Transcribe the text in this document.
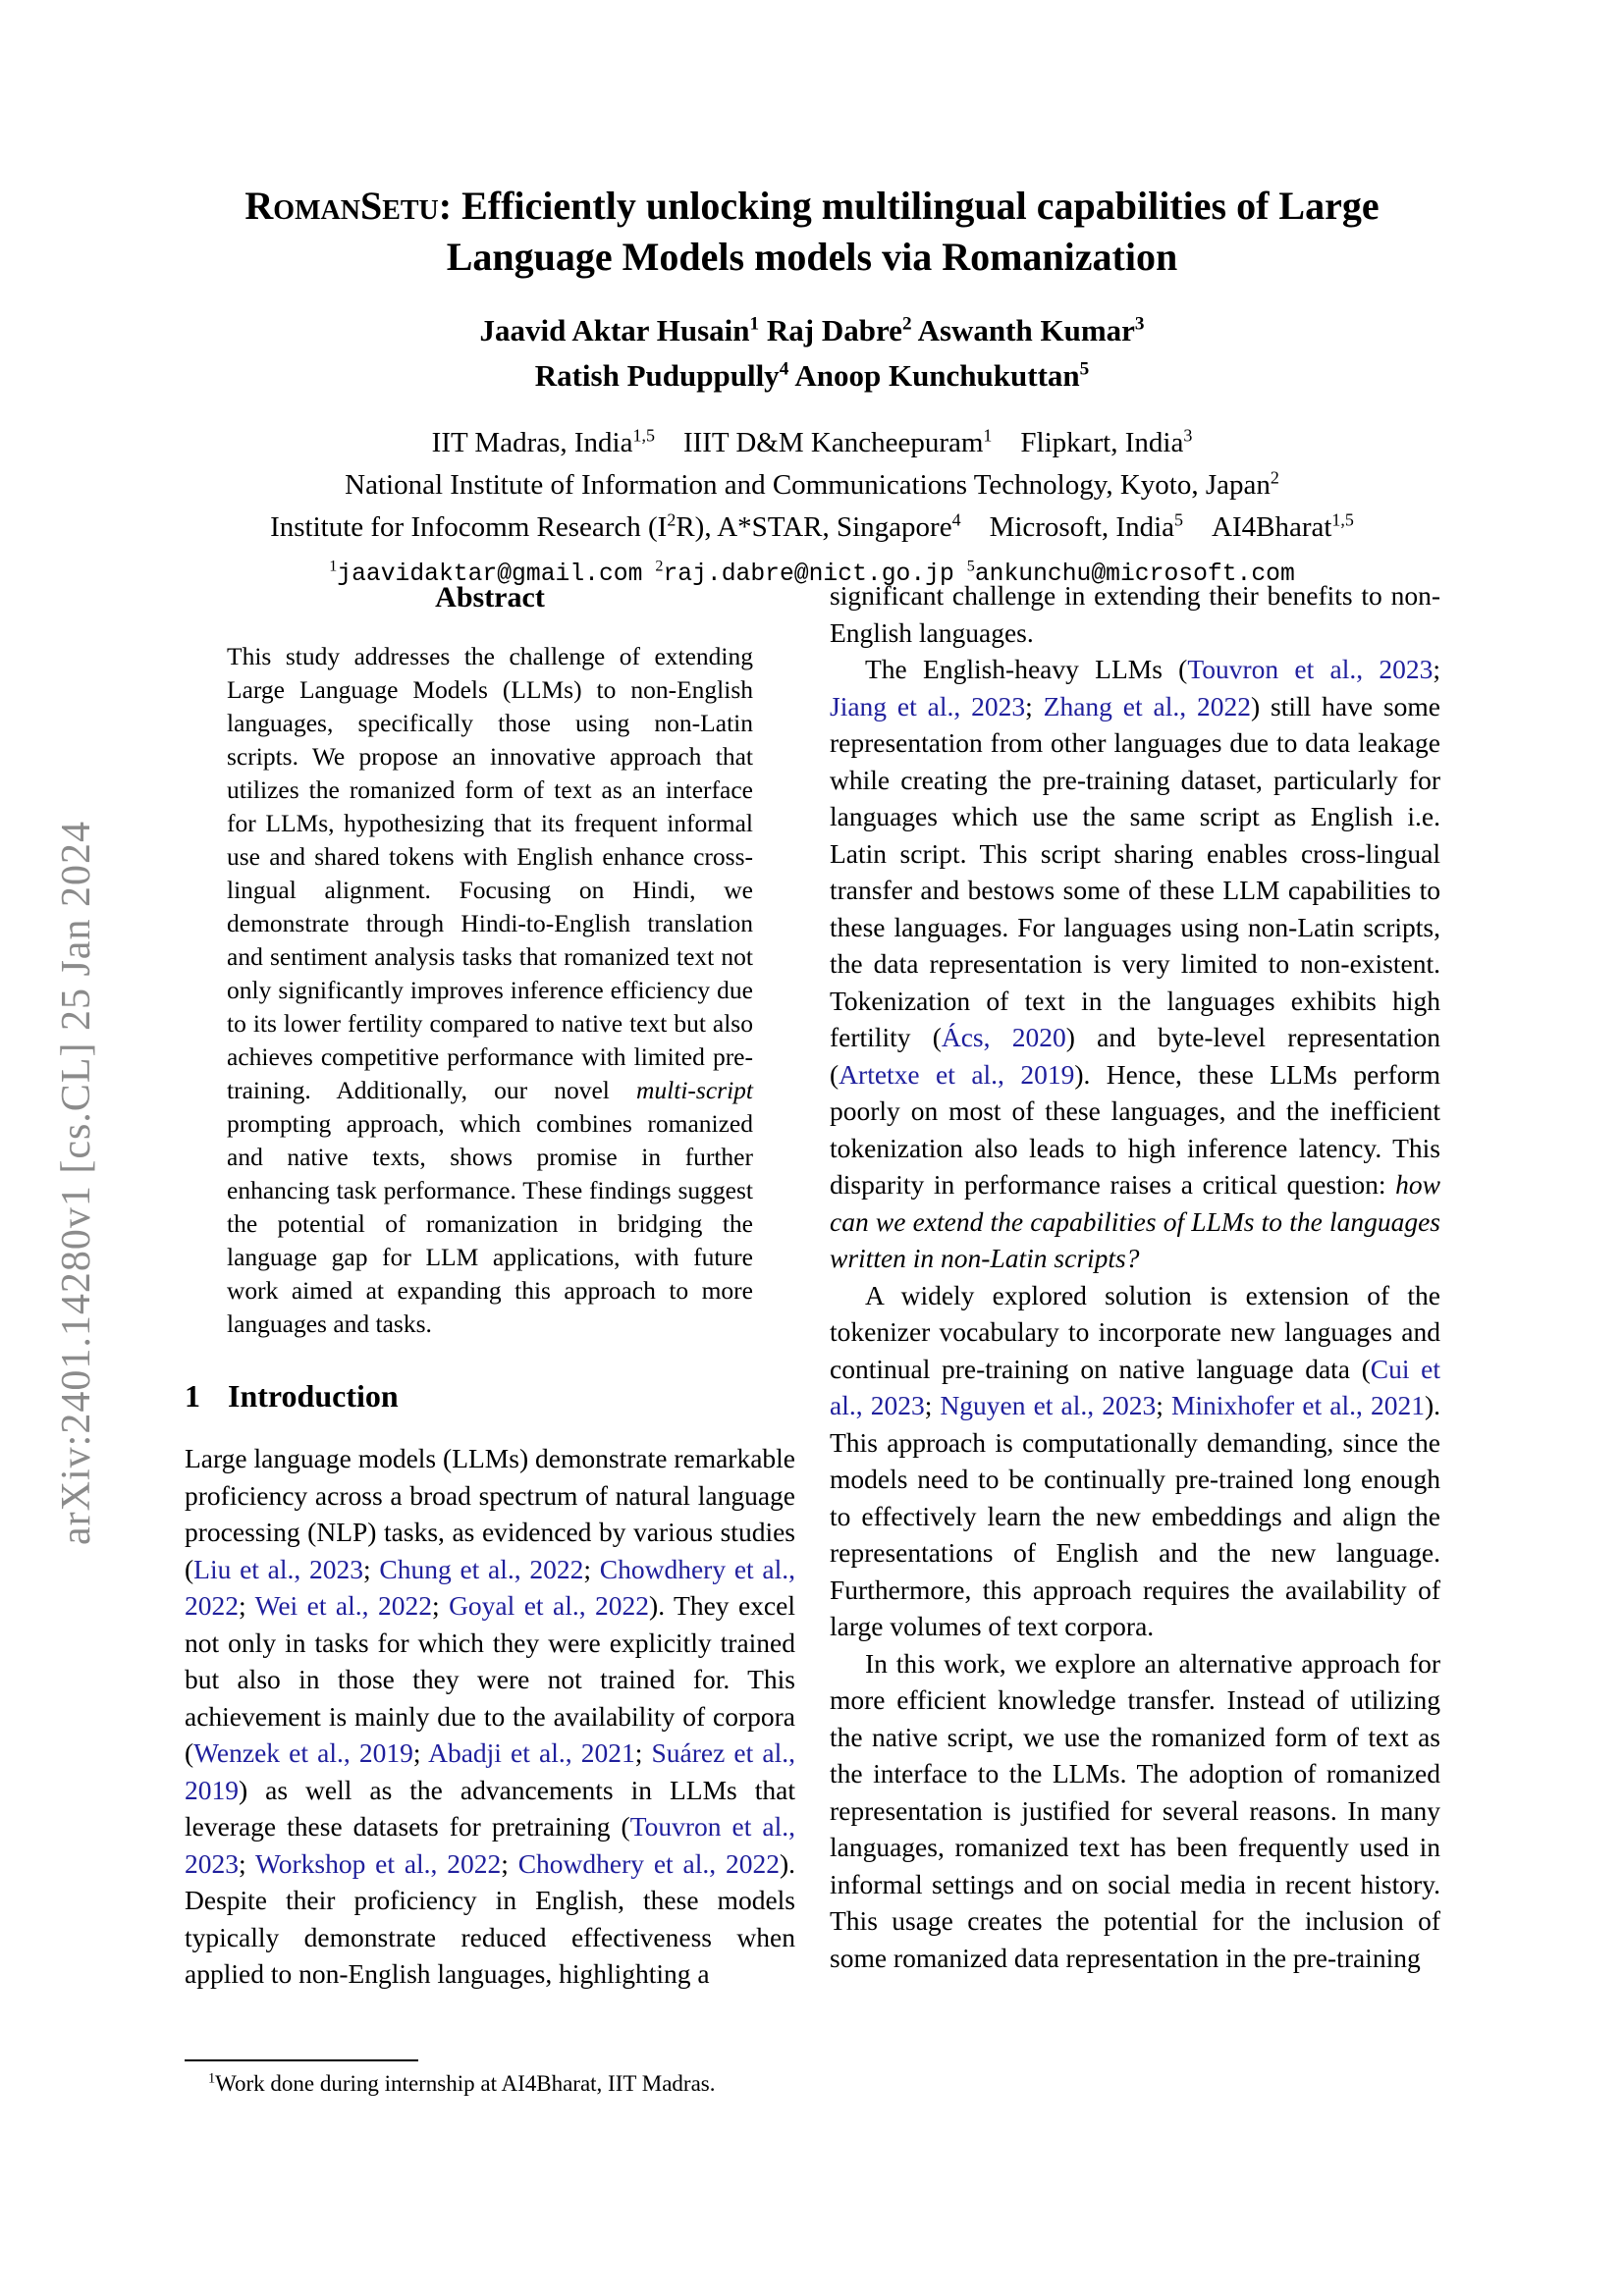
arXiv:2401.14280v1 [cs.CL] 25 Jan 2024
RomanSetu: Efficiently unlocking multilingual capabilities of Large Language Models models via Romanization
Jaavid Aktar Husain$^1$ Raj Dabre$^2$ Aswanth Kumar$^3$
Ratish Puduppully$^4$ Anoop Kunchukuttan$^5$
IIT Madras, India$^{1,5}$  IIIT D&M Kancheepuram$^1$  Flipkart, India$^3$
National Institute of Information and Communications Technology, Kyoto, Japan$^2$
Institute for Infocomm Research $(I^2R)$, A*STAR, Singapore$^4$  Microsoft, India$^5$  AI4Bharat$^{1,5}$
$^1$jaavidaktar@gmail.com  $^2$raj.dabre@nict.go.jp  $^5$ankunchu@microsoft.com
Abstract

This study addresses the challenge of extending Large Language Models (LLMs) to non-English languages, specifically those using non-Latin scripts. We propose an innovative approach that utilizes the romanized form of text as an interface for LLMs, hypothesizing that its frequent informal use and shared tokens with English enhance cross-lingual alignment. Focusing on Hindi, we demonstrate through Hindi-to-English translation and sentiment analysis tasks that romanized text not only significantly improves inference efficiency due to its lower fertility compared to native text but also achieves competitive performance with limited pre-training. Additionally, our novel multi-script prompting approach, which combines romanized and native texts, shows promise in further enhancing task performance. These findings suggest the potential of romanization in bridging the language gap for LLM applications, with future work aimed at expanding this approach to more languages and tasks.

1 Introduction

Large language models (LLMs) demonstrate remarkable proficiency across a broad spectrum of natural language processing (NLP) tasks, as evidenced by various studies (Liu et al., 2023; Chung et al., 2022; Chowdhery et al., 2022; Wei et al., 2022; Goyal et al., 2022). They excel not only in tasks for which they were explicitly trained but also in those they were not trained for. This achievement is mainly due to the availability of corpora (Wenzek et al., 2019; Abadji et al., 2021; Suárez et al., 2019) as well as the advancements in LLMs that leverage these datasets for pretraining (Touvron et al., 2023; Workshop et al., 2022; Chowdhery et al., 2022). Despite their proficiency in English, these models typically demonstrate reduced effectiveness when applied to non-English languages, highlighting a

significant challenge in extending their benefits to non-English languages.

The English-heavy LLMs (Touvron et al., 2023; Jiang et al., 2023; Zhang et al., 2022) still have some representation from other languages due to data leakage while creating the pre-training dataset, particularly for languages which use the same script as English i.e. Latin script. This script sharing enables cross-lingual transfer and bestows some of these LLM capabilities to these languages. For languages using non-Latin scripts, the data representation is very limited to non-existent. Tokenization of text in the languages exhibits high fertility (Ács, 2020) and byte-level representation (Artetxe et al., 2019). Hence, these LLMs perform poorly on most of these languages, and the inefficient tokenization also leads to high inference latency. This disparity in performance raises a critical question: how can we extend the capabilities of LLMs to the languages written in non-Latin scripts?

A widely explored solution is extension of the tokenizer vocabulary to incorporate new languages and continual pre-training on native language data (Cui et al., 2023; Nguyen et al., 2023; Minixhofer et al., 2021). This approach is computationally demanding, since the models need to be continually pre-trained long enough to effectively learn the new embeddings and align the representations of English and the new language. Furthermore, this approach requires the availability of large volumes of text corpora.

In this work, we explore an alternative approach for more efficient knowledge transfer. Instead of utilizing the native script, we use the romanized form of text as the interface to the LLMs. The adoption of romanized representation is justified for several reasons. In many languages, romanized text has been frequently used in informal settings and on social media in recent history. This usage creates the potential for the inclusion of some romanized data representation in the pre-training

$^1$Work done during internship at AI4Bharat, IIT Madras.
